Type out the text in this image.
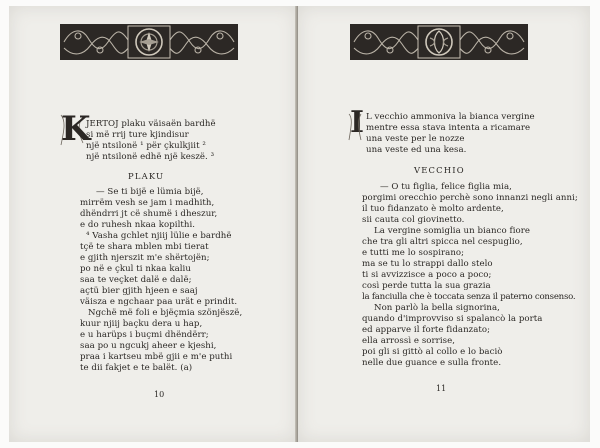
K
JERTOJ plaku väisaën bardhë
si më rrij ture kjindisur
një ntsilonë ¹ për çkulkjiit ²
një ntsilonë edhë një keszë. ³
PLAKU
— Se ti bijë e lümia bijë,
mirrëm vesh se jam i madhith,
dhëndrri jt cë shumë i dheszur,
e do ruhesh nkaa kopilthi.
⁴ Vasha gchlet njiij lülie e bardhë
tçë te shara mblen mbi tierat
e gjith njerszit m'e shërtojën;
po në e çkul ti nkaa kaliu
saa te veçket dalë e dalë;
açtü bier gjith hjeen e saaj
väisza e ngchaar paa urät e prindit.
Ngchë më foli e bjëçmia szönjëszë,
kuur njiij baçku dera u hap,
e u harüps i buçmi dhëndërr;
saa po u ngcukj aheer e kjeshi,
praa i kartseu mbë gjii e m'e puthi
te dii fakjet e te balët. (a)
10
I L vecchio ammoniva la bianca vergine
mentre essa stava intenta a ricamare
una veste per le nozze
una veste ed una kesa.
VECCHIO
— O tu figlia, felice figlia mia,
porgimi orecchio perchè sono innanzi negli anni;
il tuo fidanzato è molto ardente,
sii cauta col giovinetto.
La vergine somiglia un bianco fiore
che tra gli altri spicca nel cespuglio,
e tutti me lo sospirano;
ma se tu lo strappi dallo stelo
ti si avvizzisce a poco a poco;
così perde tutta la sua grazia
la fanciulla che è toccata senza il paterno consenso.
Non parlò la bella signorina,
quando d'improvviso si spalancò la porta
ed apparve il forte fidanzato;
ella arrossì e sorrise,
poi gli si gittò al collo e lo baciò
nelle due guance e sulla fronte.
11
